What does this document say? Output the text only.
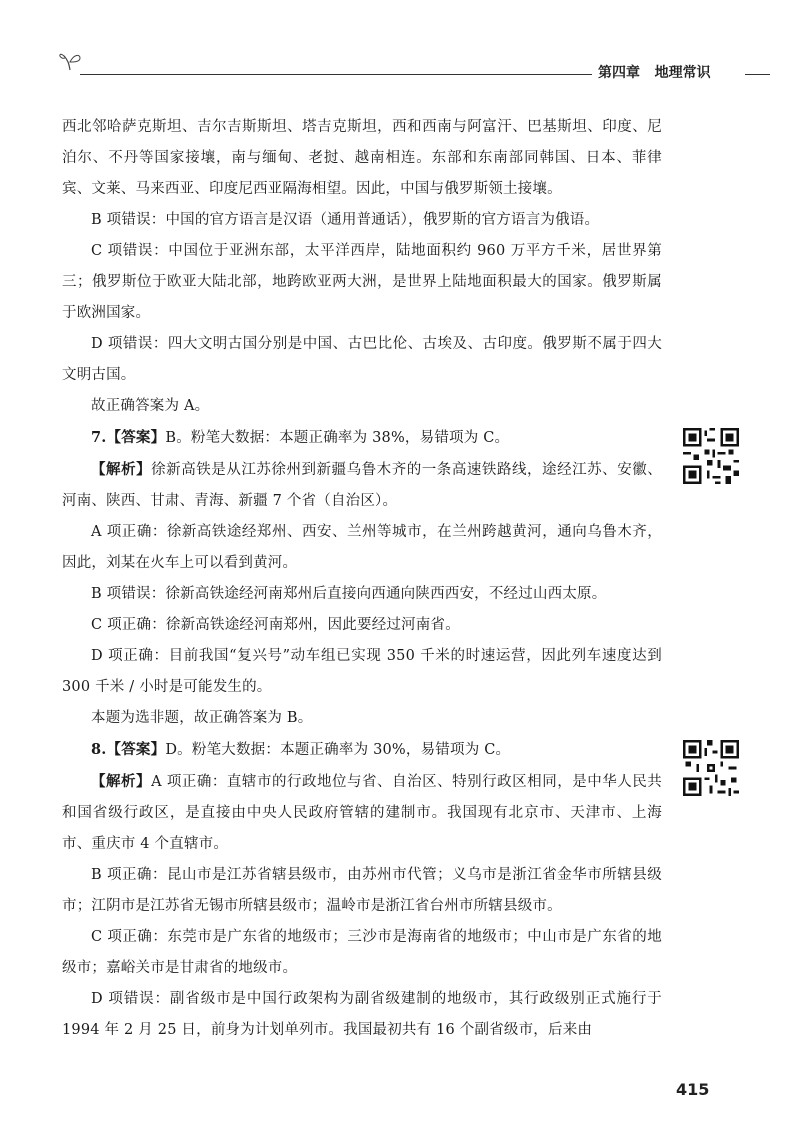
第四章 地理常识

西北邻哈萨克斯坦、吉尔吉斯斯坦、塔吉克斯坦，西和西南与阿富汗、巴基斯坦、印度、尼泊尔、不丹等国家接壤，南与缅甸、老挝、越南相连。东部和东南部同韩国、日本、菲律宾、文莱、马来西亚、印度尼西亚隔海相望。因此，中国与俄罗斯领土接壤。

B 项错误：中国的官方语言是汉语（通用普通话），俄罗斯的官方语言为俄语。

C 项错误：中国位于亚洲东部，太平洋西岸，陆地面积约 960 万平方千米，居世界第三；俄罗斯位于欧亚大陆北部，地跨欧亚两大洲，是世界上陆地面积最大的国家。俄罗斯属于欧洲国家。

D 项错误：四大文明古国分别是中国、古巴比伦、古埃及、古印度。俄罗斯不属于四大文明古国。

故正确答案为 A。

7.【答案】B。粉笔大数据：本题正确率为 38%，易错项为 C。

【解析】徐新高铁是从江苏徐州到新疆乌鲁木齐的一条高速铁路线，途经江苏、安徽、河南、陕西、甘肃、青海、新疆 7 个省（自治区）。

A 项正确：徐新高铁途经郑州、西安、兰州等城市，在兰州跨越黄河，通向乌鲁木齐，因此，刘某在火车上可以看到黄河。

B 项错误：徐新高铁途经河南郑州后直接向西通向陕西西安，不经过山西太原。

C 项正确：徐新高铁途经河南郑州，因此要经过河南省。

D 项正确：目前我国“复兴号”动车组已实现 350 千米的时速运营，因此列车速度达到 300 千米 / 小时是可能发生的。

本题为选非题，故正确答案为 B。

8.【答案】D。粉笔大数据：本题正确率为 30%，易错项为 C。

【解析】A 项正确：直辖市的行政地位与省、自治区、特别行政区相同，是中华人民共和国省级行政区，是直接由中央人民政府管辖的建制市。我国现有北京市、天津市、上海市、重庆市 4 个直辖市。

B 项正确：昆山市是江苏省辖县级市，由苏州市代管；义乌市是浙江省金华市所辖县级市；江阴市是江苏省无锡市所辖县级市；温岭市是浙江省台州市所辖县级市。

C 项正确：东莞市是广东省的地级市；三沙市是海南省的地级市；中山市是广东省的地级市；嘉峪关市是甘肃省的地级市。

D 项错误：副省级市是中国行政架构为副省级建制的地级市，其行政级别正式施行于 1994 年 2 月 25 日，前身为计划单列市。我国最初共有 16 个副省级市，后来由

415
